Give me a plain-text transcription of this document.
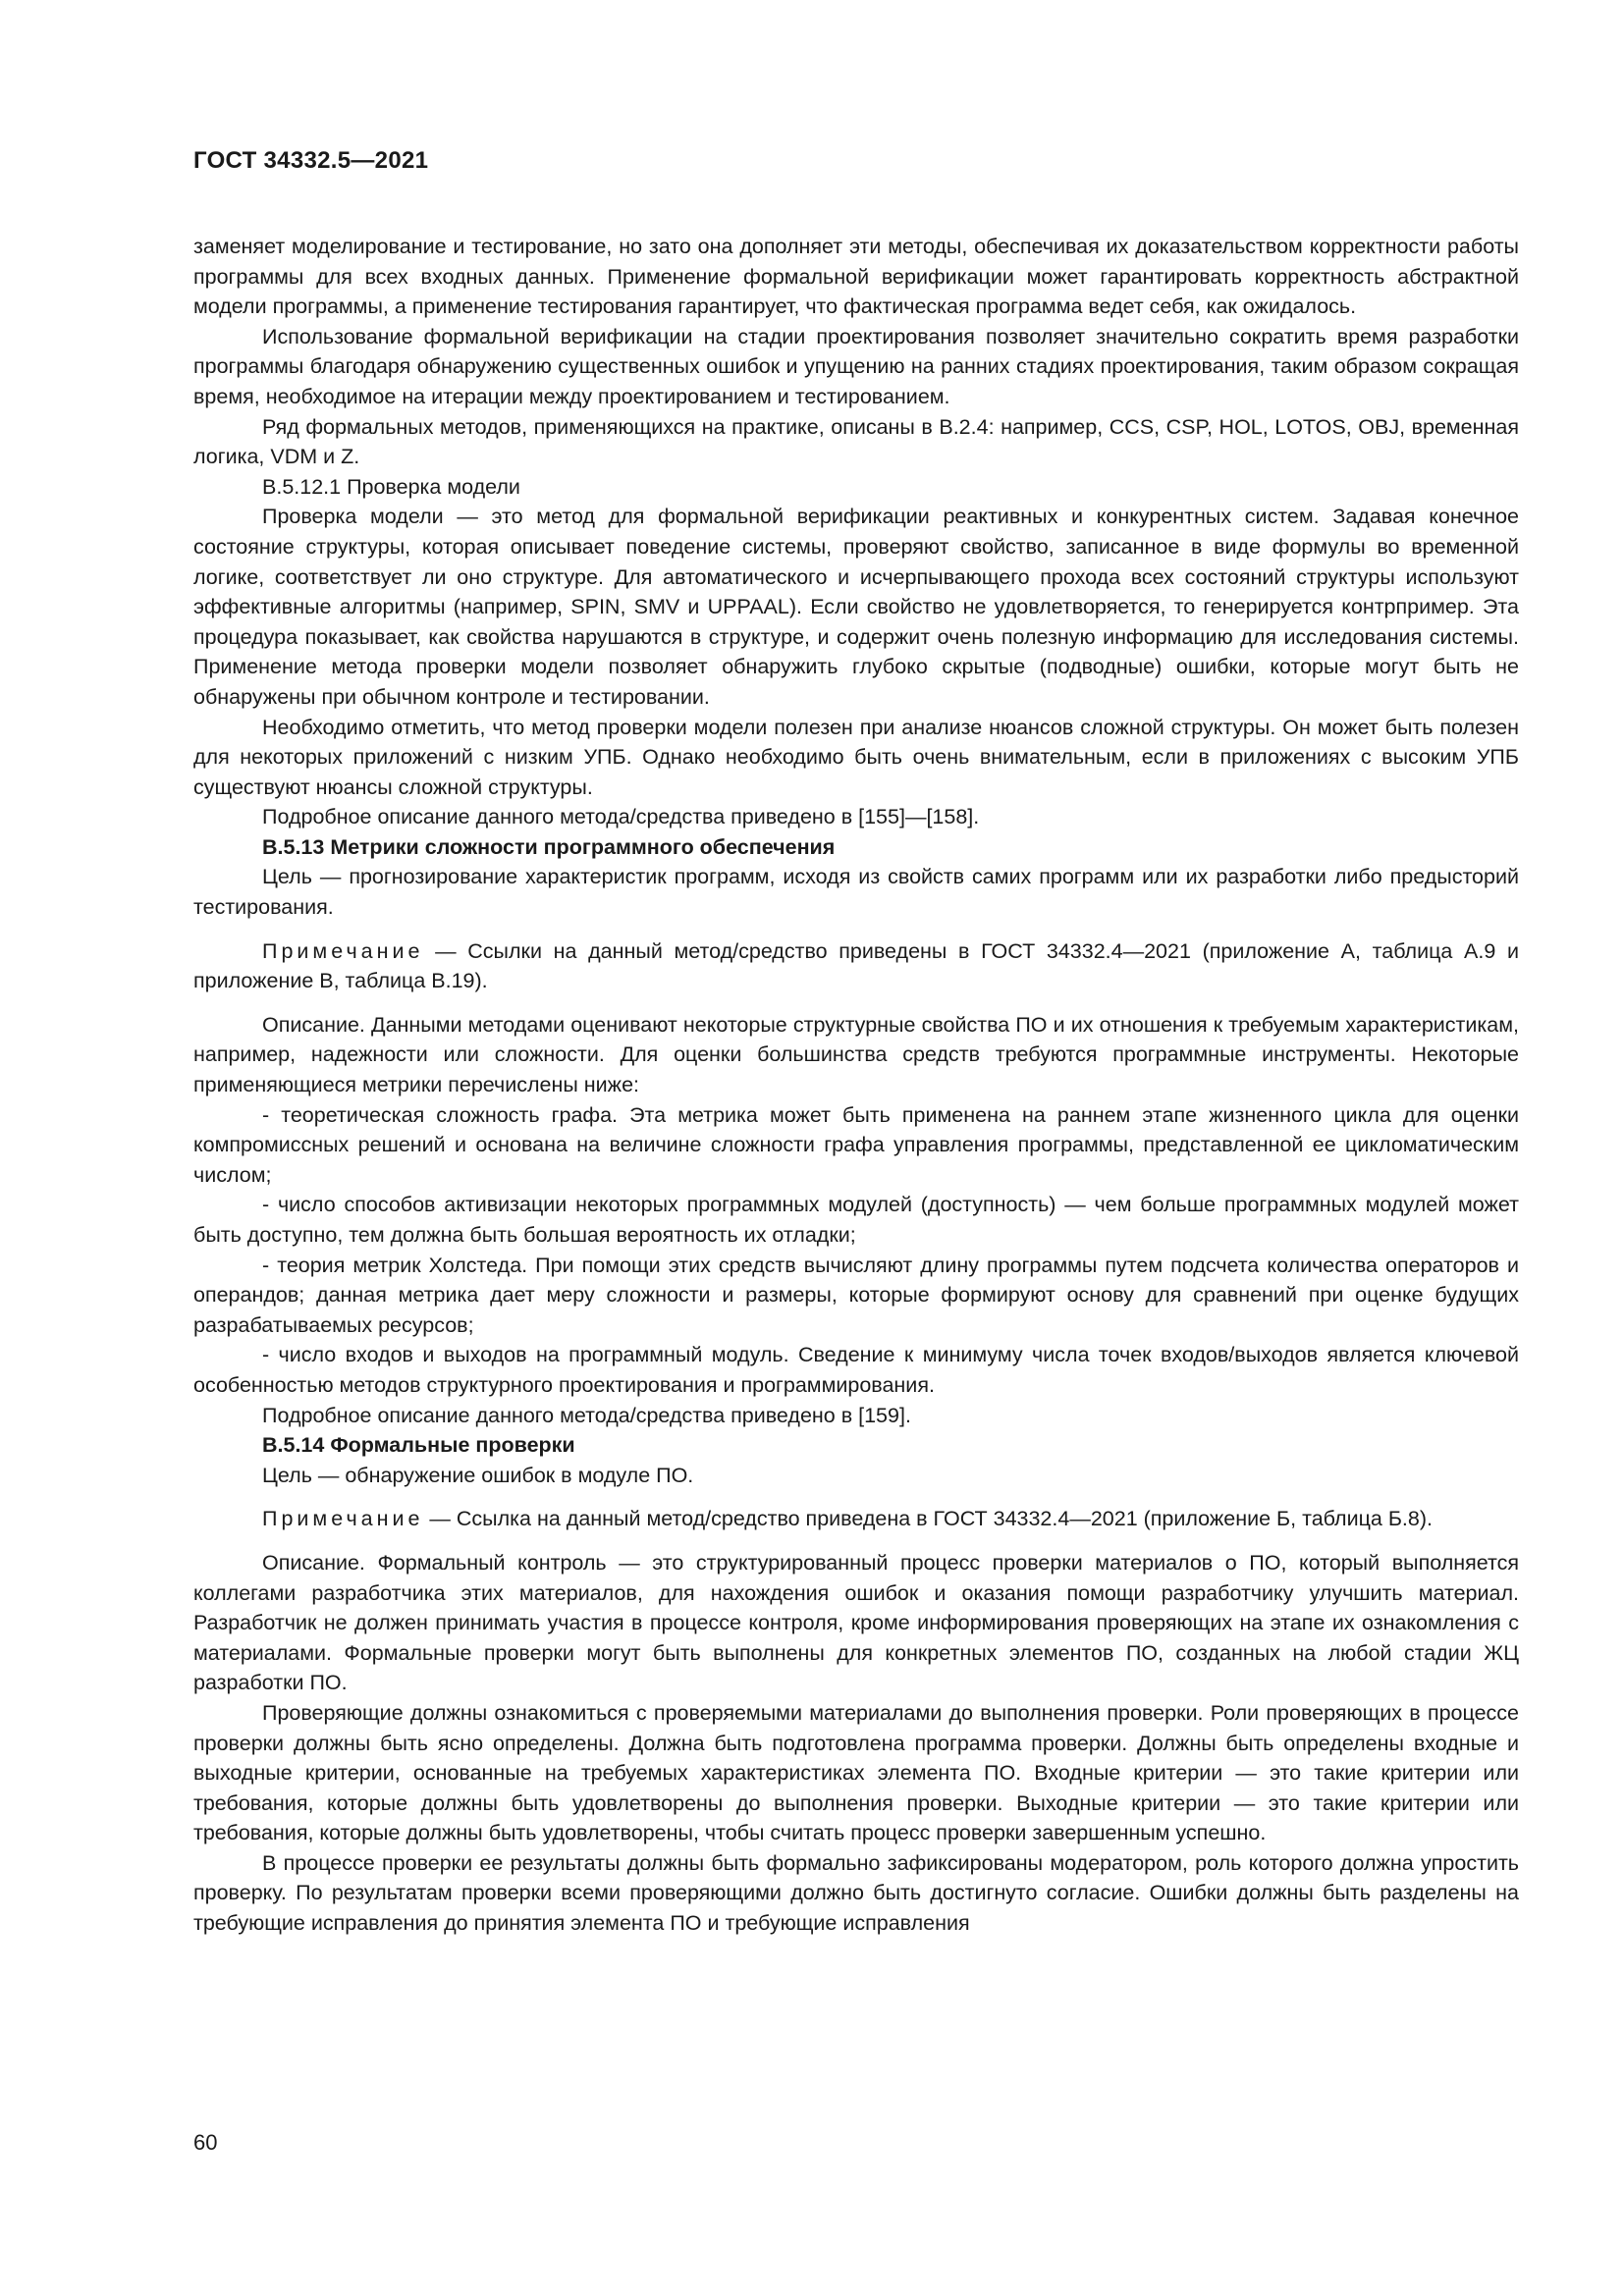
ГОСТ 34332.5—2021

заменяет моделирование и тестирование, но зато она дополняет эти методы, обеспечивая их доказательством корректности работы программы для всех входных данных. Применение формальной верификации может гарантировать корректность абстрактной модели программы, а применение тестирования гарантирует, что фактическая программа ведет себя, как ожидалось.

Использование формальной верификации на стадии проектирования позволяет значительно сократить время разработки программы благодаря обнаружению существенных ошибок и упущению на ранних стадиях проектирования, таким образом сокращая время, необходимое на итерации между проектированием и тестированием.

Ряд формальных методов, применяющихся на практике, описаны в В.2.4: например, CCS, CSP, HOL, LOTOS, OBJ, временная логика, VDM и Z.

В.5.12.1 Проверка модели

Проверка модели — это метод для формальной верификации реактивных и конкурентных систем. Задавая конечное состояние структуры, которая описывает поведение системы, проверяют свойство, записанное в виде формулы во временной логике, соответствует ли оно структуре. Для автоматического и исчерпывающего прохода всех состояний структуры используют эффективные алгоритмы (например, SPIN, SMV и UPPAAL). Если свойство не удовлетворяется, то генерируется контрпример. Эта процедура показывает, как свойства нарушаются в структуре, и содержит очень полезную информацию для исследования системы. Применение метода проверки модели позволяет обнаружить глубоко скрытые (подводные) ошибки, которые могут быть не обнаружены при обычном контроле и тестировании.

Необходимо отметить, что метод проверки модели полезен при анализе нюансов сложной структуры. Он может быть полезен для некоторых приложений с низким УПБ. Однако необходимо быть очень внимательным, если в приложениях с высоким УПБ существуют нюансы сложной структуры.

Подробное описание данного метода/средства приведено в [155]—[158].

В.5.13 Метрики сложности программного обеспечения

Цель — прогнозирование характеристик программ, исходя из свойств самих программ или их разработки либо предысторий тестирования.

Примечание — Ссылки на данный метод/средство приведены в ГОСТ 34332.4—2021 (приложение А, таблица А.9 и приложение В, таблица В.19).

Описание. Данными методами оценивают некоторые структурные свойства ПО и их отношения к требуемым характеристикам, например, надежности или сложности. Для оценки большинства средств требуются программные инструменты. Некоторые применяющиеся метрики перечислены ниже:

- теоретическая сложность графа. Эта метрика может быть применена на раннем этапе жизненного цикла для оценки компромиссных решений и основана на величине сложности графа управления программы, представленной ее цикломатическим числом;

- число способов активизации некоторых программных модулей (доступность) — чем больше программных модулей может быть доступно, тем должна быть большая вероятность их отладки;

- теория метрик Холстеда. При помощи этих средств вычисляют длину программы путем подсчета количества операторов и операндов; данная метрика дает меру сложности и размеры, которые формируют основу для сравнений при оценке будущих разрабатываемых ресурсов;

- число входов и выходов на программный модуль. Сведение к минимуму числа точек входов/выходов является ключевой особенностью методов структурного проектирования и программирования.

Подробное описание данного метода/средства приведено в [159].

В.5.14 Формальные проверки

Цель — обнаружение ошибок в модуле ПО.

Примечание — Ссылка на данный метод/средство приведена в ГОСТ 34332.4—2021 (приложение Б, таблица Б.8).

Описание. Формальный контроль — это структурированный процесс проверки материалов о ПО, который выполняется коллегами разработчика этих материалов, для нахождения ошибок и оказания помощи разработчику улучшить материал. Разработчик не должен принимать участия в процессе контроля, кроме информирования проверяющих на этапе их ознакомления с материалами. Формальные проверки могут быть выполнены для конкретных элементов ПО, созданных на любой стадии ЖЦ разработки ПО.

Проверяющие должны ознакомиться с проверяемыми материалами до выполнения проверки. Роли проверяющих в процессе проверки должны быть ясно определены. Должна быть подготовлена программа проверки. Должны быть определены входные и выходные критерии, основанные на требуемых характеристиках элемента ПО. Входные критерии — это такие критерии или требования, которые должны быть удовлетворены до выполнения проверки. Выходные критерии — это такие критерии или требования, которые должны быть удовлетворены, чтобы считать процесс проверки завершенным успешно.

В процессе проверки ее результаты должны быть формально зафиксированы модератором, роль которого должна упростить проверку. По результатам проверки всеми проверяющими должно быть достигнуто согласие. Ошибки должны быть разделены на требующие исправления до принятия элемента ПО и требующие исправления

60
